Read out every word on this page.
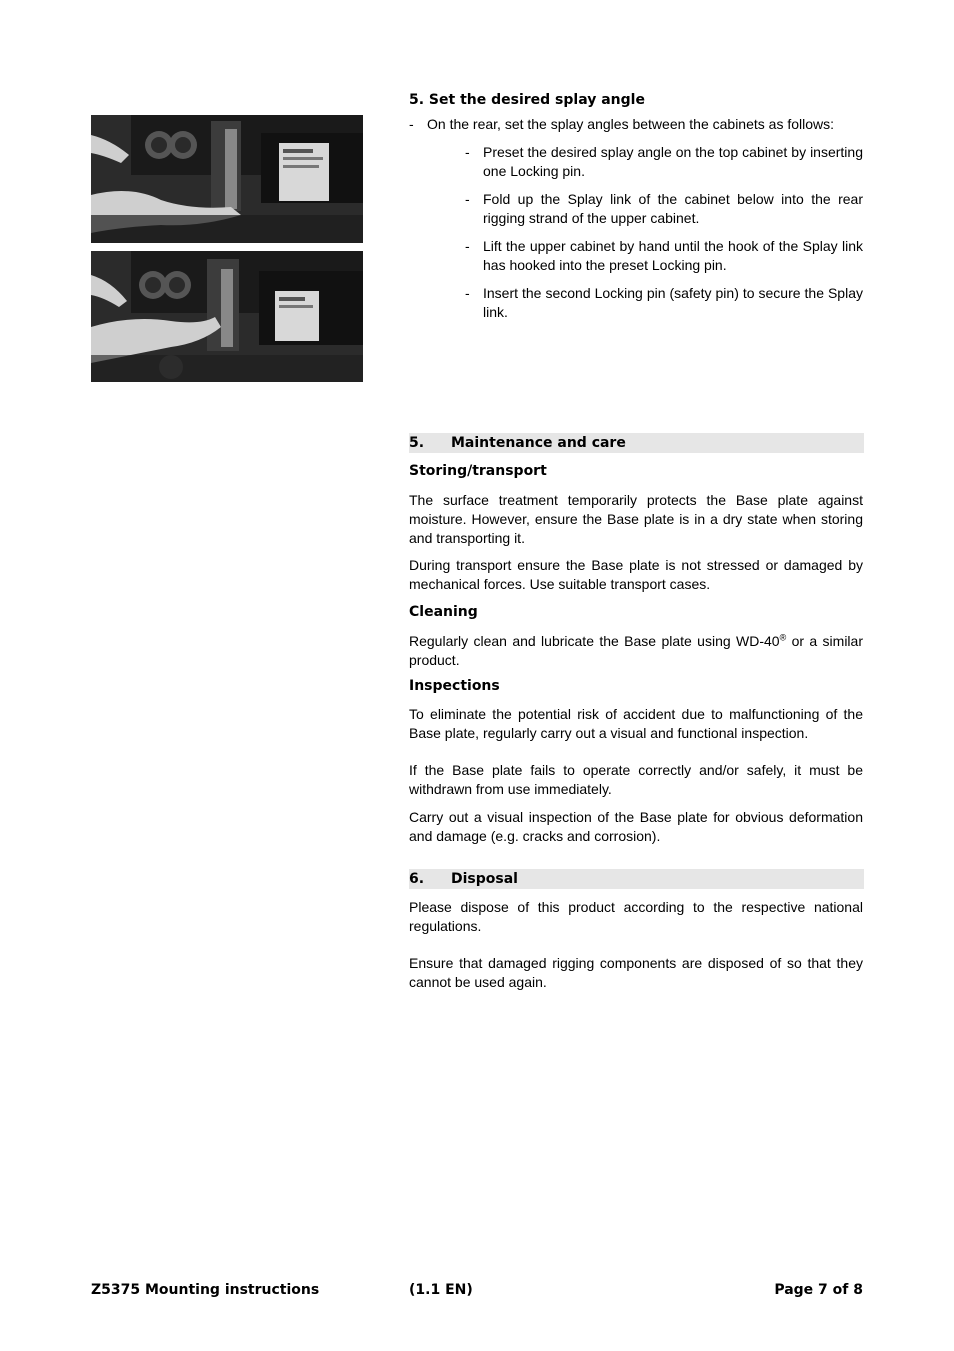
5. Set the desired splay angle
- On the rear, set the splay angles between the cabinets as follows:
- Preset the desired splay angle on the top cabinet by inserting one Locking pin.
- Fold up the Splay link of the cabinet below into the rear rigging strand of the upper cabinet.
- Lift the upper cabinet by hand until the hook of the Splay link has hooked into the preset Locking pin.
- Insert the second Locking pin (safety pin) to secure the Splay link.
5. Maintenance and care
Storing/transport
The surface treatment temporarily protects the Base plate against moisture. However, ensure the Base plate is in a dry state when storing and transporting it.
During transport ensure the Base plate is not stressed or damaged by mechanical forces. Use suitable transport cases.
Cleaning
Regularly clean and lubricate the Base plate using WD-40® or a similar product.
Inspections
To eliminate the potential risk of accident due to malfunctioning of the Base plate, regularly carry out a visual and functional inspection.
If the Base plate fails to operate correctly and/or safely, it must be withdrawn from use immediately.
Carry out a visual inspection of the Base plate for obvious deformation and damage (e.g. cracks and corrosion).
6. Disposal
Please dispose of this product according to the respective national regulations.
Ensure that damaged rigging components are disposed of so that they cannot be used again.
Z5375 Mounting instructions	(1.1 EN)	Page 7 of 8
